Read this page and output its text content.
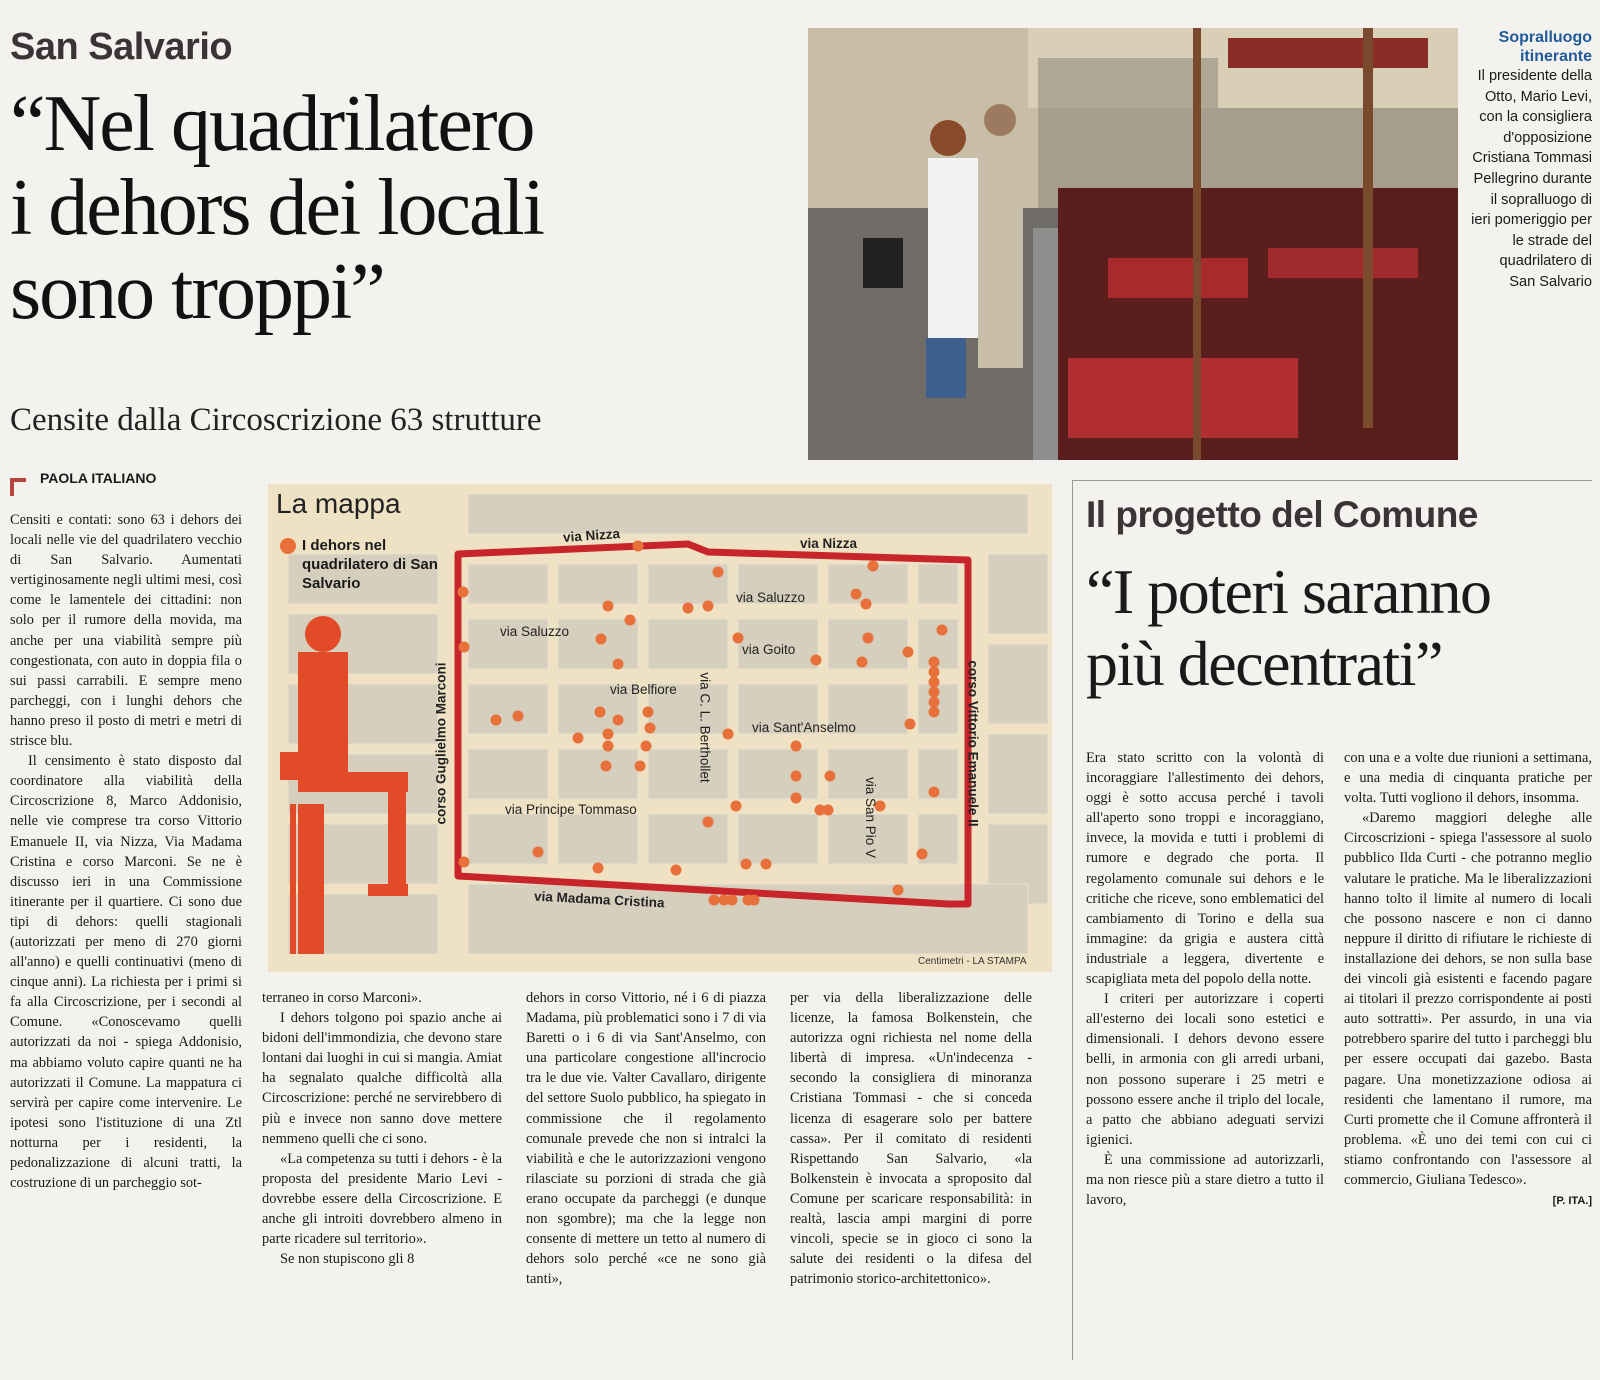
San Salvario
“Nel quadrilatero
i dehors dei locali
sono troppi”
Censite dalla Circoscrizione 63 strutture
PAOLA ITALIANO
Sopralluogo itinerante
Il presidente della Otto, Mario Levi, con la consigliera d'opposizione Cristiana Tommasi Pellegrino durante il sopralluogo di ieri pomeriggio per le strade del quadrilatero di San Salvario
La mappa
I dehors nel quadrilatero di San Salvario
via Nizza	via Nizza
via Saluzzo
via Saluzzo
via Goito
via Belfiore via C. L. Berthollet	via Sant'Anselmo
via Principe Tommaso	via San Pio V
via Madama Cristina
corso Guglielmo Marconi	corso Vittorio Emanuele II
Centimetri - LA STAMPA

Censiti e contati: sono 63 i dehors dei locali nelle vie del quadrilatero vecchio di San Salvario. Aumentati vertiginosamente negli ultimi mesi, così come le lamentele dei cittadini: non solo per il rumore della movida, ma anche per una viabilità sempre più congestionata, con auto in doppia fila o sui passi carrabili. E sempre meno parcheggi, con i lunghi dehors che hanno preso il posto di metri e metri di strisce blu.

Il censimento è stato disposto dal coordinatore alla viabilità della Circoscrizione 8, Marco Addonisio, nelle vie comprese tra corso Vittorio Emanuele II, via Nizza, Via Madama Cristina e corso Marconi. Se ne è discusso ieri in una Commissione itinerante per il quartiere. Ci sono due tipi di dehors: quelli stagionali (autorizzati per meno di 270 giorni all'anno) e quelli continuativi (meno di cinque anni). La richiesta per i primi si fa alla Circoscrizione, per i secondi al Comune. «Conoscevamo quelli autorizzati da noi - spiega Addonisio, ma abbiamo voluto capire quanti ne ha autorizzati il Comune. La mappatura ci servirà per capire come intervenire. Le ipotesi sono l'istituzione di una Ztl notturna per i residenti, la pedonalizzazione di alcuni tratti, la costruzione di un parcheggio sot-

terraneo in corso Marconi».

I dehors tolgono poi spazio anche ai bidoni dell'immondizia, che devono stare lontani dai luoghi in cui si mangia. Amiat ha segnalato qualche difficoltà alla Circoscrizione: perché ne servirebbero di più e invece non sanno dove mettere nemmeno quelli che ci sono.

«La competenza su tutti i dehors - è la proposta del presidente Mario Levi - dovrebbe essere della Circoscrizione. E anche gli introiti dovrebbero almeno in parte ricadere sul territorio».

Se non stupiscono gli 8

dehors in corso Vittorio, né i 6 di piazza Madama, più problematici sono i 7 di via Baretti o i 6 di via Sant'Anselmo, con una particolare congestione all'incrocio tra le due vie. Valter Cavallaro, dirigente del settore Suolo pubblico, ha spiegato in commissione che il regolamento comunale prevede che non si intralci la viabilità e che le autorizzazioni vengono rilasciate su porzioni di strada che già erano occupate da parcheggi (e dunque non sgombre); ma che la legge non consente di mettere un tetto al numero di dehors solo perché «ce ne sono già tanti»,

per via della liberalizzazione delle licenze, la famosa Bolkenstein, che autorizza ogni richiesta nel nome della libertà di impresa. «Un'indecenza - secondo la consigliera di minoranza Cristiana Tommasi - che si conceda licenza di esagerare solo per battere cassa». Per il comitato di residenti Rispettando San Salvario, «la Bolkenstein è invocata a sproposito dal Comune per scaricare responsabilità: in realtà, lascia ampi margini di porre vincoli, specie se in gioco ci sono la salute dei residenti o la difesa del patrimonio storico-architettonico».

Il progetto del Comune
“I poteri saranno
più decentrati”

Era stato scritto con la volontà di incoraggiare l'allestimento dei dehors, oggi è sotto accusa perché i tavoli all'aperto sono troppi e incoraggiano, invece, la movida e tutti i problemi di rumore e degrado che porta. Il regolamento comunale sui dehors e le critiche che riceve, sono emblematici del cambiamento di Torino e della sua immagine: da grigia e austera città industriale a leggera, divertente e scapigliata meta del popolo della notte.

I criteri per autorizzare i coperti all'esterno dei locali sono estetici e dimensionali. I dehors devono essere belli, in armonia con gli arredi urbani, non possono superare i 25 metri e possono essere anche il triplo del locale, a patto che abbiano adeguati servizi igienici.

È una commissione ad autorizzarli, ma non riesce più a stare dietro a tutto il lavoro,

con una e a volte due riunioni a settimana, e una media di cinquanta pratiche per volta. Tutti vogliono il dehors, insomma.

«Daremo maggiori deleghe alle Circoscrizioni - spiega l'assessore al suolo pubblico Ilda Curti - che potranno meglio valutare le pratiche. Ma le liberalizzazioni hanno tolto il limite al numero di locali che possono nascere e non ci danno neppure il diritto di rifiutare le richieste di installazione dei dehors, se non sulla base dei vincoli già esistenti e facendo pagare ai titolari il prezzo corrispondente ai posti auto sottratti». Per assurdo, in una via potrebbero sparire del tutto i parcheggi blu per essere occupati dai gazebo. Basta pagare. Una monetizzazione odiosa ai residenti che lamentano il rumore, ma Curti promette che il Comune affronterà il problema. «È uno dei temi con cui ci stiamo confrontando con l'assessore al commercio, Giuliana Tedesco».

[P. ITA.]
